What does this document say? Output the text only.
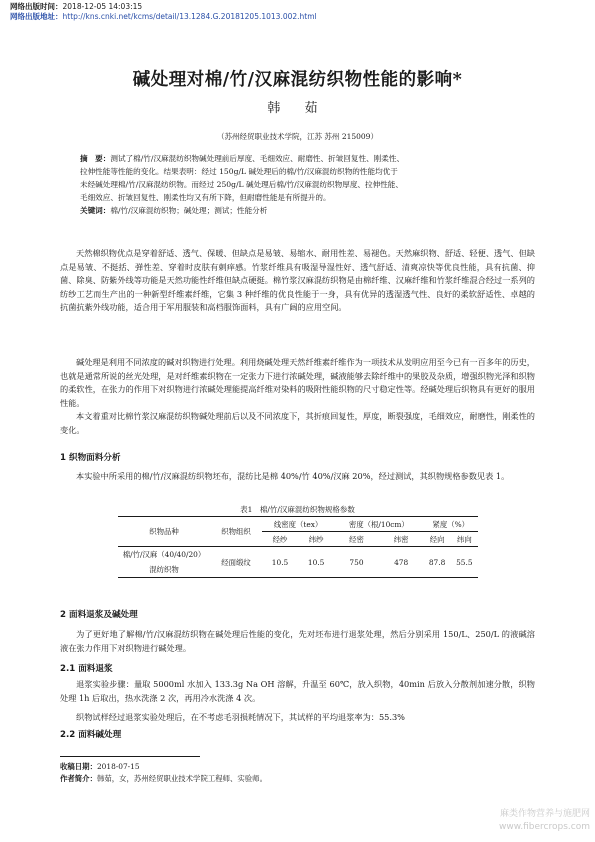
网络出版时间：2018-12-05 14:03:15
网络出版地址：http://kns.cnki.net/kcms/detail/13.1284.G.20181205.1013.002.html
碱处理对棉/竹/汉麻混纺织物性能的影响*
韩 茹
（苏州经贸职业技术学院，江苏 苏州 215009）
摘　要：测试了棉/竹/汉麻混纺织物碱处理前后厚度、毛细效应、耐磨性、折皱回复性、刚柔性、
拉伸性能等性能的变化。结果表明：经过 150g/L 碱处理后的棉/竹/汉麻混纺织物的性能均优于
未经碱处理棉/竹/汉麻混纺织物。而经过 250g/L 碱处理后棉/竹/汉麻混纺织物厚度、拉伸性能、
毛细效应、折皱回复性、刚柔性均又有所下降，但耐磨性能是有所提升的。
关键词：棉/竹/汉麻混纺织物；碱处理；测试；性能分析
天然棉织物优点是穿着舒适、透气、保暖、但缺点是易皱、易缩水、耐用性差、易褪色。天然麻织物、舒适、轻便、透气、但缺点是易皱、不挺括、弹性差、穿着时皮肤有刺痒感。竹浆纤维具有吸湿导湿性好、透气舒适、清爽凉快等优良性能，具有抗菌、抑菌、除臭、防紫外线等功能是天然功能性纤维但缺点硬挺。棉竹浆汉麻混纺织物是由棉纤维、汉麻纤维和竹浆纤维混合经过一系列的纺纱工艺而生产出的一种新型纤维素纤维，它集 3 种纤维的优良性能于一身，具有优异的透湿透气性、良好的柔软舒适性、卓越的抗菌抗紫外线功能，适合用于军用服装和高档服饰面料，具有广阔的应用空间。
碱处理是利用不同浓度的碱对织物进行处理。利用烧碱处理天然纤维素纤维作为一项技术从发明应用至今已有一百多年的历史，也就是通常所说的丝光处理，是对纤维素织物在一定张力下进行浓碱处理，碱液能够去除纤维中的果胶及杂质，增强织物光泽和织物的柔软性，在张力的作用下对织物进行浓碱处理能提高纤维对染料的吸附性能织物的尺寸稳定性等。经碱处理后织物具有更好的服用性能。
本文着重对比棉竹浆汉麻混纺织物碱处理前后以及不同浓度下，其折痕回复性，厚度，断裂强度，毛细效应，耐磨性，刚柔性的变化。
1 织物面料分析
本实验中所采用的棉/竹/汉麻混纺织物坯布，混纺比是棉 40%/竹 40%/汉麻 20%，经过测试，其织物规格参数见表 1。
表1　棉/竹/汉麻混纺织物规格参数
织物品种	织物组织	线密度（tex）		密度（根/10cm）		紧度（%）	
		经纱	纬纱	经密	纬密	经向	纬向

棉/竹/汉麻（40/40/20）
混纺织物	经面缎纹	10.5	10.5	750	478	87.8	55.5
2 面料退浆及碱处理
为了更好地了解棉/竹/汉麻混纺织物在碱处理后性能的变化，先对坯布进行退浆处理，然后分别采用 150/L、250/L 的液碱溶液在张力作用下对织物进行碱处理。
2.1 面料退浆
退浆实验步骤：量取 5000ml 水加入 133.3g Na OH 溶解，升温至 60℃，放入织物，40min 后放入分散剂加速分散，织物处理 1h 后取出，热水洗涤 2 次，再用冷水洗涤 4 次。
织物试样经过退浆实验处理后，在不考虑毛羽损耗情况下，其试样的平均退浆率为：55.3%
2.2 面料碱处理
收稿日期：2018-07-15
作者简介：韩茹，女，苏州经贸职业技术学院工程师、实验师。
麻类作物营养与施肥网
www.fibercrops.com
